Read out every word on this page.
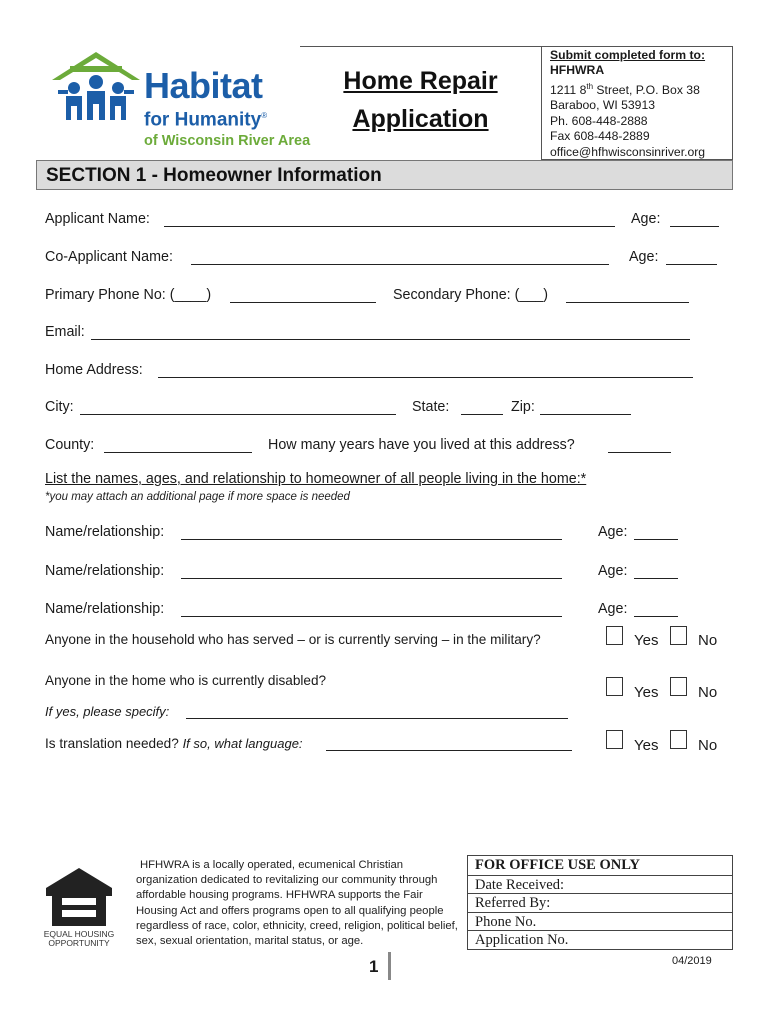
Habitat
for Humanity®
of Wisconsin River Area
Home Repair
Application
Submit completed form to:
HFHWRA
1211 8th Street, P.O. Box 38
Baraboo, WI 53913
Ph. 608-448-2888
Fax 608-448-2889
office@hfhwisconsinriver.org
SECTION 1 - Homeowner Information
Applicant Name:	Age:
Co-Applicant Name:	Age:
Primary Phone No: (____)	Secondary Phone: (___)
Email:
Home Address:
City:	State:	Zip:
County:	How many years have you lived at this address?
List the names, ages, and relationship to homeowner of all people living in the home:*
*you may attach an additional page if more space is needed
Name/relationship:	Age:
Name/relationship:	Age:
Name/relationship:	Age:
Anyone in the household who has served – or is currently serving – in the military?	Yes	No
Anyone in the home who is currently disabled?
Yes	No
If yes, please specify:
Is translation needed? If so, what language:	Yes	No
EQUAL HOUSING
OPPORTUNITY
HFHWRA is a locally operated, ecumenical Christian organization dedicated to revitalizing our community through affordable housing programs. HFHWRA supports the Fair Housing Act and offers programs open to all qualifying people regardless of race, color, ethnicity, creed, religion, political belief, sex, sexual orientation, marital status, or age.
FOR OFFICE USE ONLY
Date Received:
Referred By:
Phone No.
Application No.
1	04/2019
